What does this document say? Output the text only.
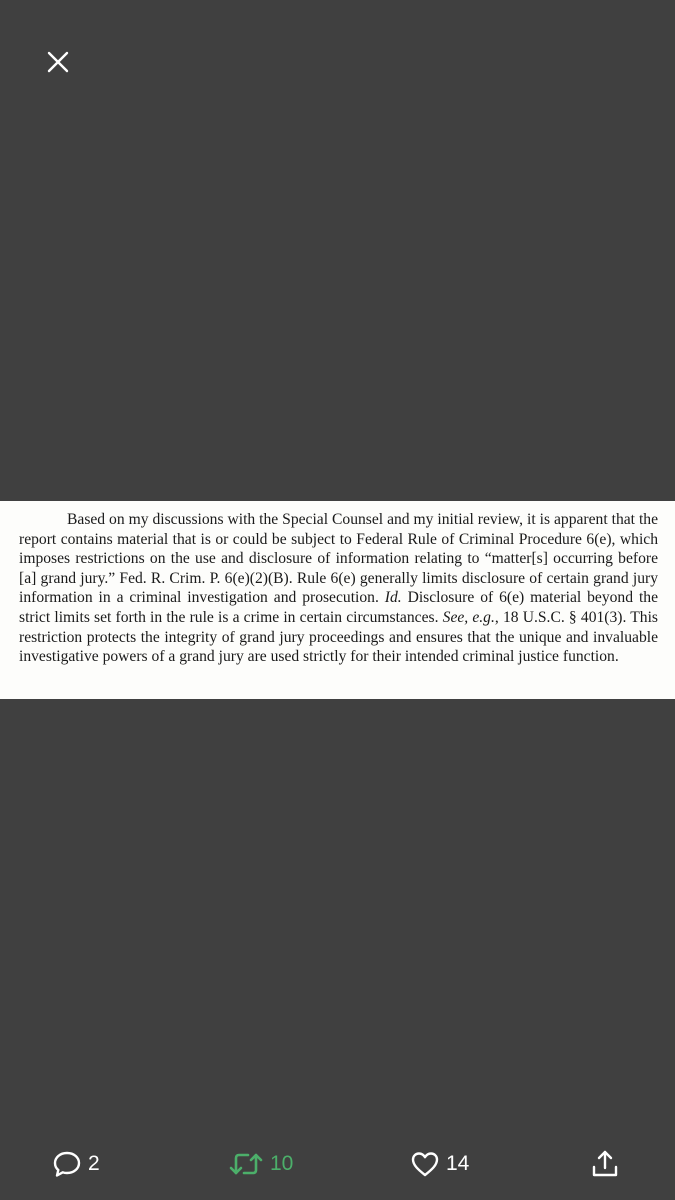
Based on my discussions with the Special Counsel and my initial review, it is apparent that the report contains material that is or could be subject to Federal Rule of Criminal Procedure 6(e), which imposes restrictions on the use and disclosure of information relating to “matter[s] occurring before [a] grand jury.” Fed. R. Crim. P. 6(e)(2)(B). Rule 6(e) generally limits disclosure of certain grand jury information in a criminal investigation and prosecution. Id. Disclosure of 6(e) material beyond the strict limits set forth in the rule is a crime in certain circumstances. See, e.g., 18 U.S.C. § 401(3). This restriction protects the integrity of grand jury proceedings and ensures that the unique and invaluable investigative powers of a grand jury are used strictly for their intended criminal justice function.

2	10	14
